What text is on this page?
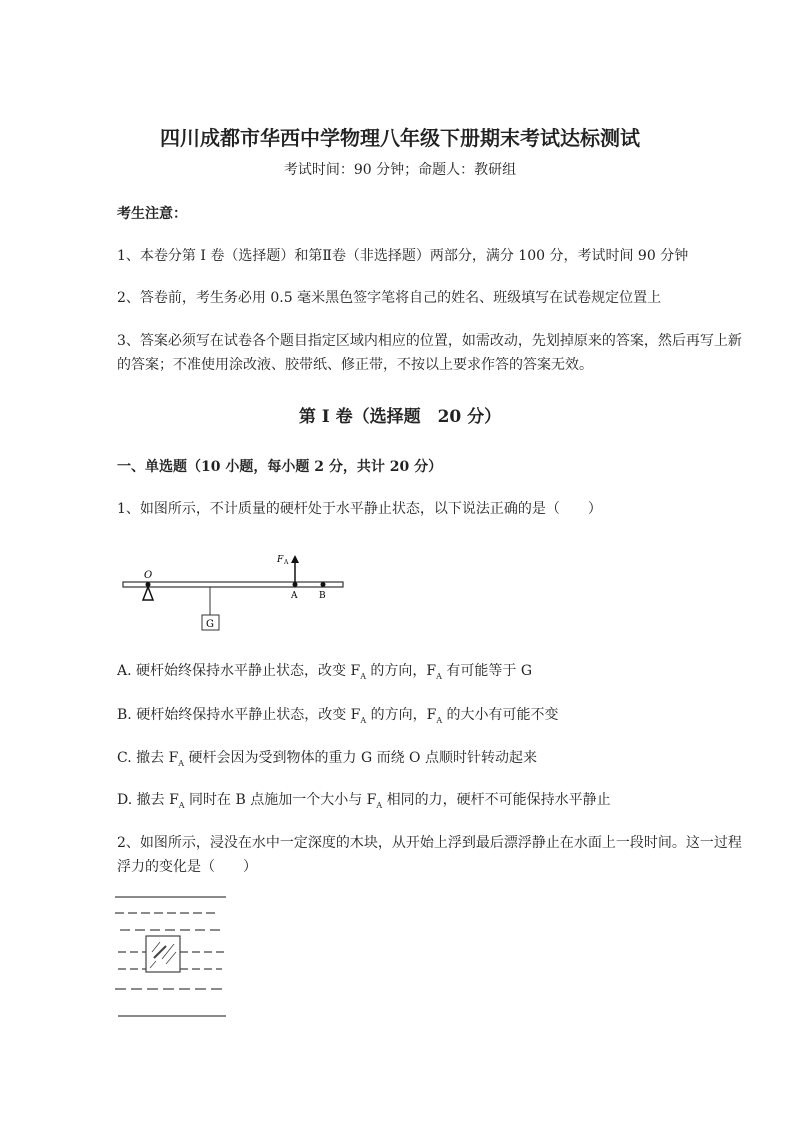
四川成都市华西中学物理八年级下册期末考试达标测试
考试时间：90 分钟；命题人：教研组
考生注意：
1、本卷分第 I 卷（选择题）和第Ⅱ卷（非选择题）两部分，满分 100 分，考试时间 90 分钟
2、答卷前，考生务必用 0.5 毫米黑色签字笔将自己的姓名、班级填写在试卷规定位置上
3、答案必须写在试卷各个题目指定区域内相应的位置，如需改动，先划掉原来的答案，然后再写上新
的答案；不准使用涂改液、胶带纸、修正带，不按以上要求作答的答案无效。
第 I 卷（选择题　20 分）
一、单选题（10 小题，每小题 2 分，共计 20 分）
1、如图所示，不计质量的硬杆处于水平静止状态，以下说法正确的是（　　）
O
F A
A B
G
A. 硬杆始终保持水平静止状态，改变 $F_A$ 的方向，$F_A$ 有可能等于 G
B. 硬杆始终保持水平静止状态，改变 $F_A$ 的方向，$F_A$ 的大小有可能不变
C. 撤去 $F_A$ 硬杆会因为受到物体的重力 G 而绕 O 点顺时针转动起来
D. 撤去 $F_A$ 同时在 B 点施加一个大小与 $F_A$ 相同的力，硬杆不可能保持水平静止
2、如图所示，浸没在水中一定深度的木块，从开始上浮到最后漂浮静止在水面上一段时间。这一过程
浮力的变化是（　　）
